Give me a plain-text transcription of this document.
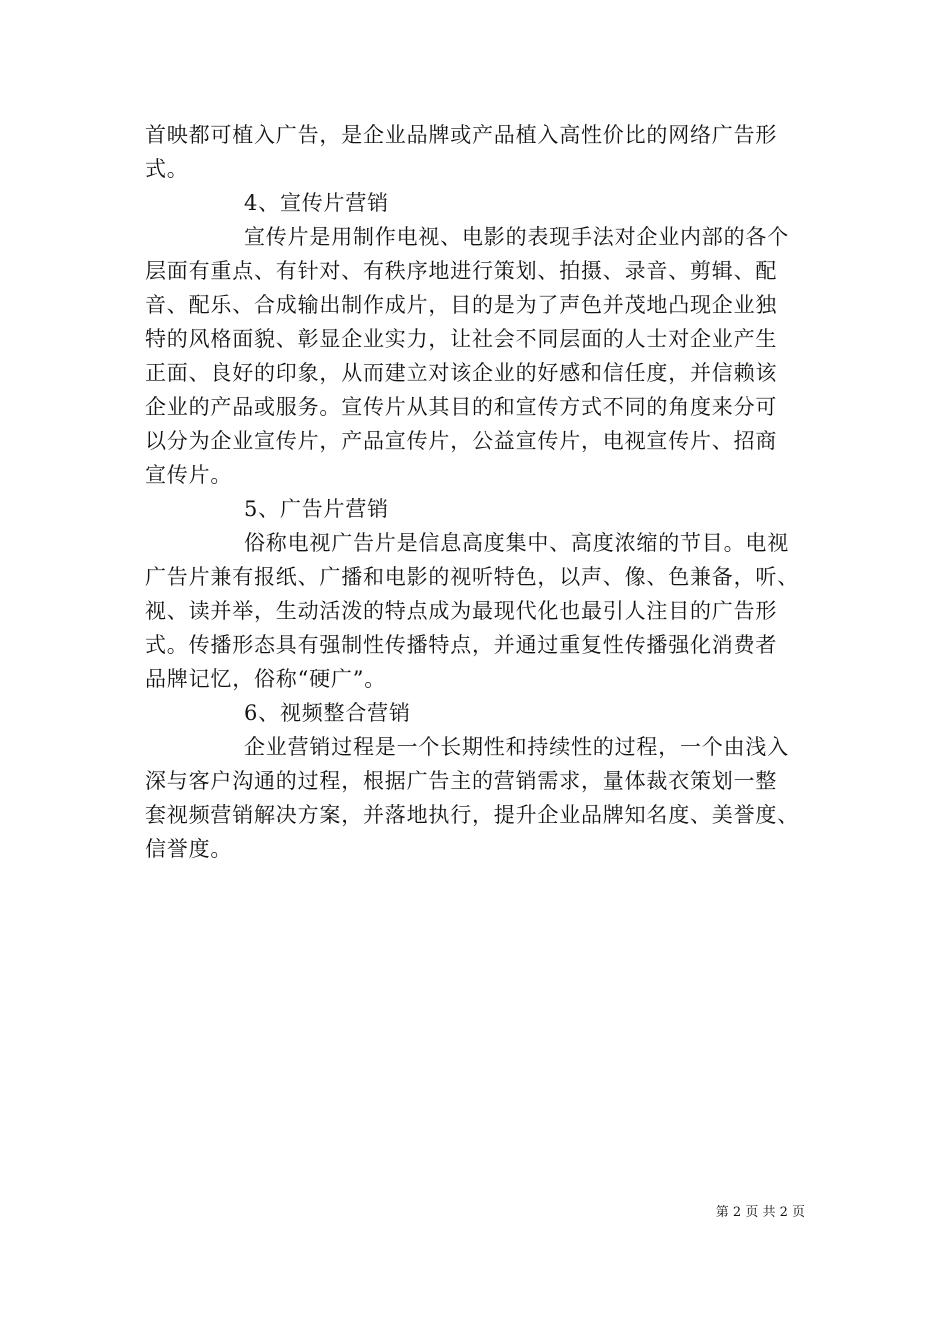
首映都可植入广告，是企业品牌或产品植入高性价比的网络广告形
式。
4、宣传片营销
宣传片是用制作电视、电影的表现手法对企业内部的各个
层面有重点、有针对、有秩序地进行策划、拍摄、录音、剪辑、配
音、配乐、合成输出制作成片，目的是为了声色并茂地凸现企业独
特的风格面貌、彰显企业实力，让社会不同层面的人士对企业产生
正面、良好的印象，从而建立对该企业的好感和信任度，并信赖该
企业的产品或服务。宣传片从其目的和宣传方式不同的角度来分可
以分为企业宣传片，产品宣传片，公益宣传片，电视宣传片、招商
宣传片。
5、广告片营销
俗称电视广告片是信息高度集中、高度浓缩的节目。电视
广告片兼有报纸、广播和电影的视听特色，以声、像、色兼备，听、
视、读并举，生动活泼的特点成为最现代化也最引人注目的广告形
式。传播形态具有强制性传播特点，并通过重复性传播强化消费者
品牌记忆，俗称“硬广”。
6、视频整合营销
企业营销过程是一个长期性和持续性的过程，一个由浅入
深与客户沟通的过程，根据广告主的营销需求，量体裁衣策划一整
套视频营销解决方案，并落地执行，提升企业品牌知名度、美誉度、
信誉度。
第 2 页 共 2 页
